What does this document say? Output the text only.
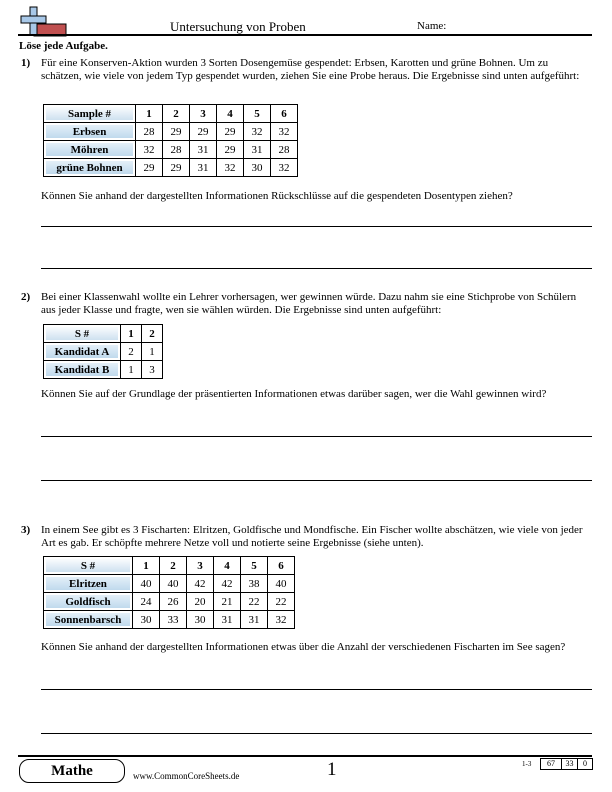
Untersuchung von Proben	Name:
Löse jede Aufgabe.
1) Für eine Konserven-Aktion wurden 3 Sorten Dosengemüse gespendet: Erbsen, Karotten und grüne Bohnen. Um zu schätzen, wie viele von jedem Typ gespendet wurden, ziehen Sie eine Probe heraus. Die Ergebnisse sind unten aufgeführt:
Sample #	1	2	3	4	5	6
Erbsen	28	29	29	29	32	32
Möhren	32	28	31	29	31	28
grüne Bohnen	29	29	31	32	30	32
Können Sie anhand der dargestellten Informationen Rückschlüsse auf die gespendeten Dosentypen ziehen?
2) Bei einer Klassenwahl wollte ein Lehrer vorhersagen, wer gewinnen würde. Dazu nahm sie eine Stichprobe von Schülern aus jeder Klasse und fragte, wen sie wählen würden. Die Ergebnisse sind unten aufgeführt:
S #	1	2
Kandidat A	2	1
Kandidat B	1	3
Können Sie auf der Grundlage der präsentierten Informationen etwas darüber sagen, wer die Wahl gewinnen wird?
3) In einem See gibt es 3 Fischarten: Elritzen, Goldfische und Mondfische. Ein Fischer wollte abschätzen, wie viele von jeder Art es gab. Er schöpfte mehrere Netze voll und notierte seine Ergebnisse (siehe unten).
S #	1	2	3	4	5	6
Elritzen	40	40	42	42	38	40
Goldfisch	24	26	20	21	22	22
Sonnenbarsch	30	33	30	31	31	32
Können Sie anhand der dargestellten Informationen etwas über die Anzahl der verschiedenen Fischarten im See sagen?
Mathe	www.CommonCoreSheets.de	1	1-3	67	33	0
